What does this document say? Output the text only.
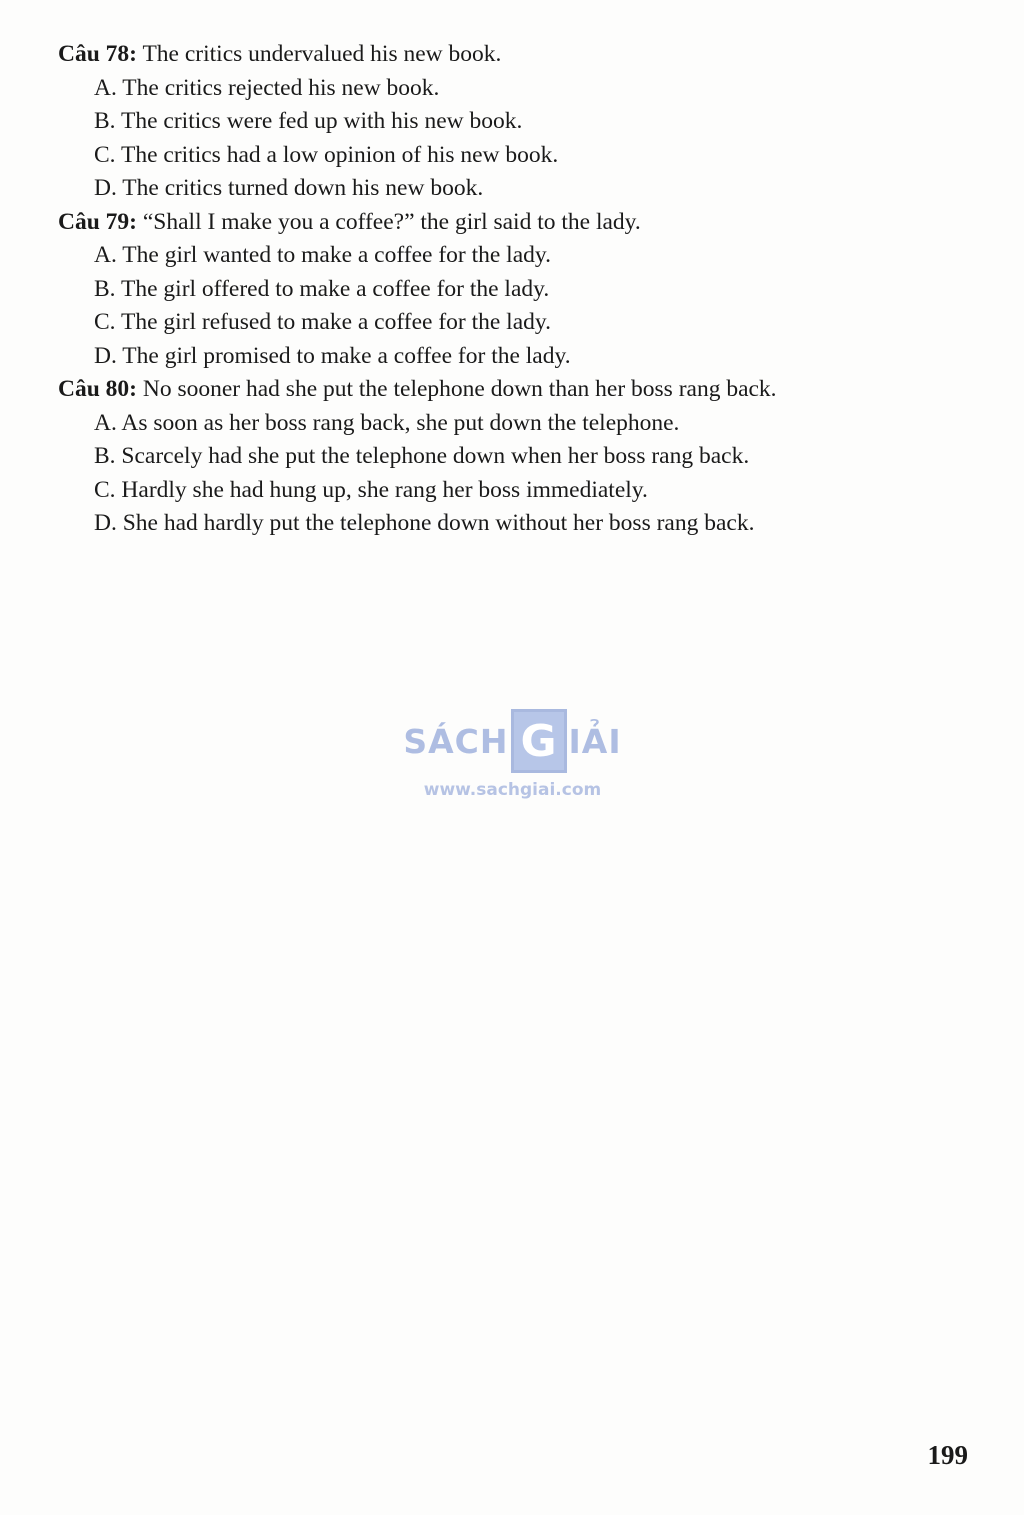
Câu 78: The critics undervalued his new book.
A. The critics rejected his new book.
B. The critics were fed up with his new book.
C. The critics had a low opinion of his new book.
D. The critics turned down his new book.
Câu 79: “Shall I make you a coffee?” the girl said to the lady.
A. The girl wanted to make a coffee for the lady.
B. The girl offered to make a coffee for the lady.
C. The girl refused to make a coffee for the lady.
D. The girl promised to make a coffee for the lady.
Câu 80: No sooner had she put the telephone down than her boss rang back.
A. As soon as her boss rang back, she put down the telephone.
B. Scarcely had she put the telephone down when her boss rang back.
C. Hardly she had hung up, she rang her boss immediately.
D. She had hardly put the telephone down without her boss rang back.
SÁCH G IẢI
www.sachgiai.com
199
